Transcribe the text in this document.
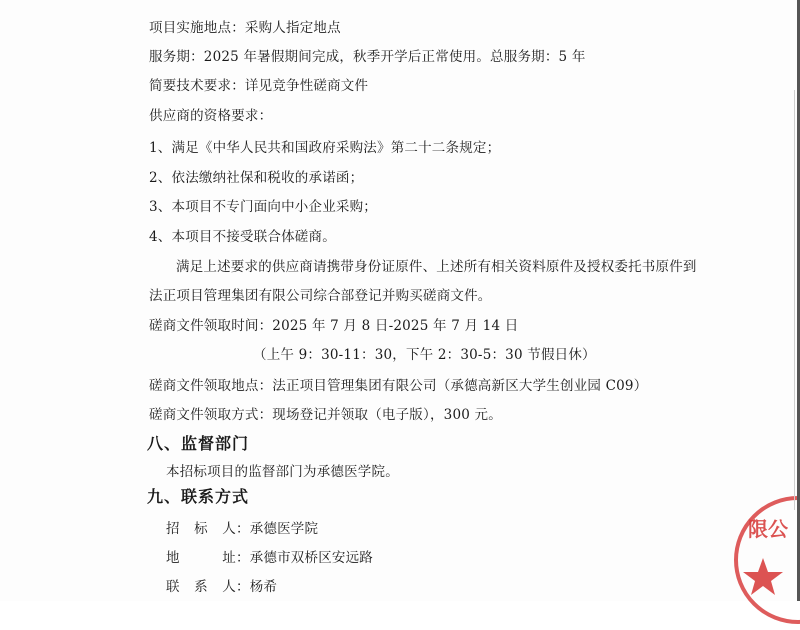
项目实施地点：采购人指定地点
服务期：2025 年暑假期间完成，秋季开学后正常使用。总服务期：5 年
简要技术要求：详见竞争性磋商文件
供应商的资格要求：
1、满足《中华人民共和国政府采购法》第二十二条规定；
2、依法缴纳社保和税收的承诺函；
3、本项目不专门面向中小企业采购；
4、本项目不接受联合体磋商。
满足上述要求的供应商请携带身份证原件、上述所有相关资料原件及授权委托书原件到
法正项目管理集团有限公司综合部登记并购买磋商文件。
磋商文件领取时间：2025 年 7 月 8 日-2025 年 7 月 14 日
（上午 9：30-11：30，下午 2：30-5：30 节假日休）
磋商文件领取地点：法正项目管理集团有限公司（承德高新区大学生创业园 C09）
磋商文件领取方式：现场登记并领取（电子版），300 元。
八、监督部门
本招标项目的监督部门为承德医学院。
九、联系方式
招 标 人：承德医学院
地 址：承德市双桥区安远路
联 系 人：杨希
限公
